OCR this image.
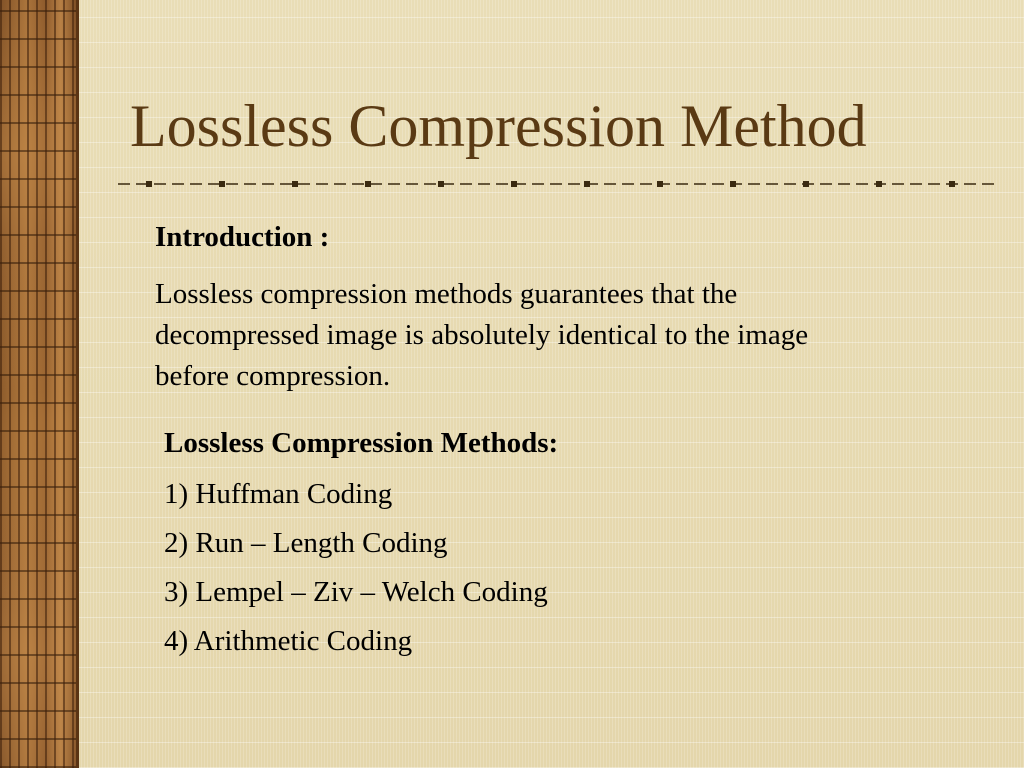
Lossless Compression Method
Introduction :
Lossless compression methods guarantees that the
decompressed image is absolutely identical to the image
before compression.
Lossless Compression Methods:
1) Huffman Coding
2) Run – Length Coding
3) Lempel – Ziv – Welch Coding
4) Arithmetic Coding
